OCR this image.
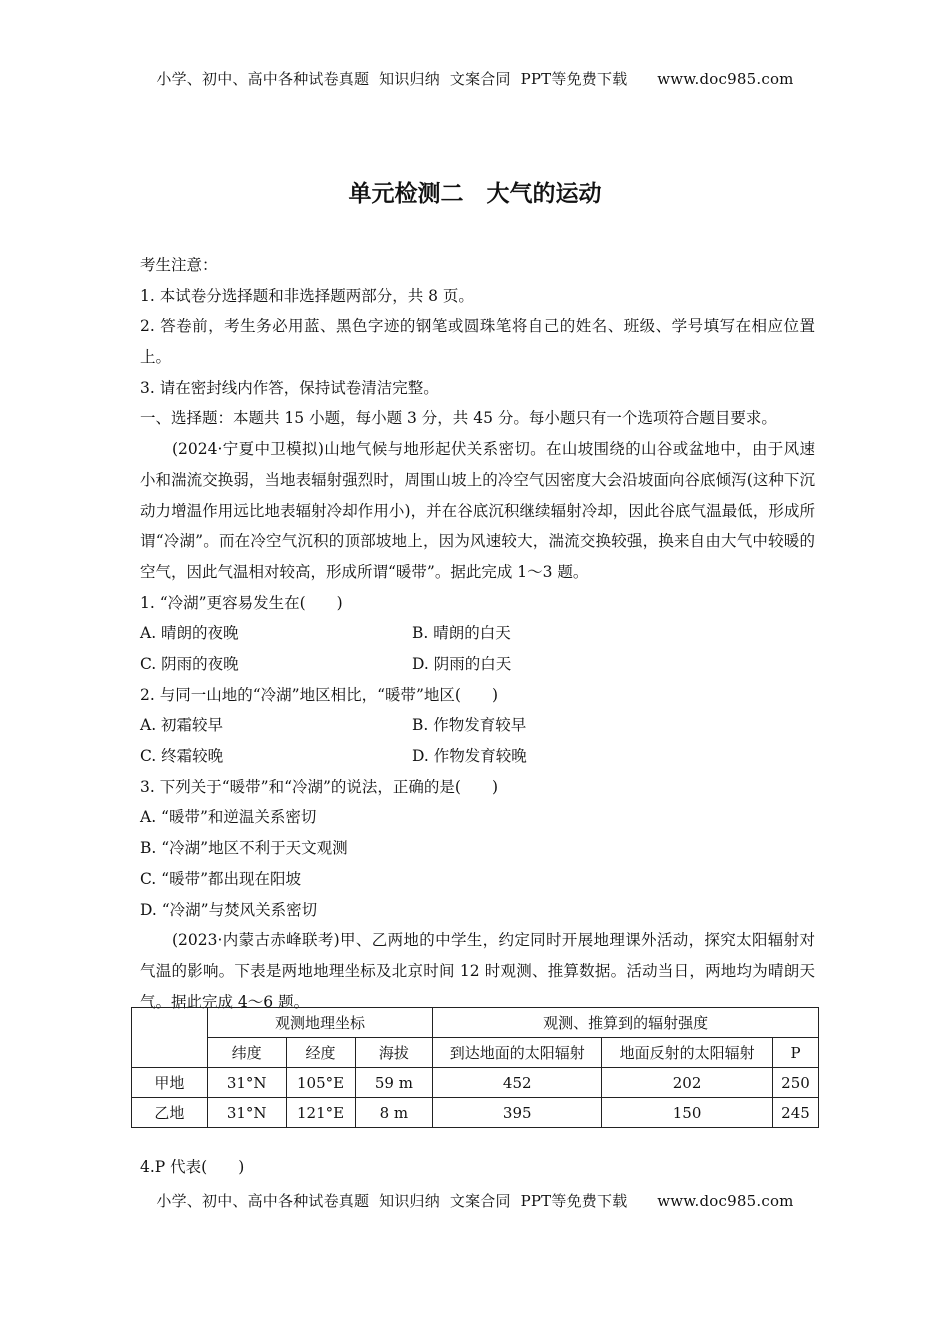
小学、初中、高中各种试卷真题  知识归纳  文案合同  PPT等免费下载      www.doc985.com
单元检测二　大气的运动
考生注意：
1. 本试卷分选择题和非选择题两部分，共 8 页。
2. 答卷前，考生务必用蓝、黑色字迹的钢笔或圆珠笔将自己的姓名、班级、学号填写在相应位置上。
3. 请在密封线内作答，保持试卷清洁完整。
一、选择题：本题共 15 小题，每小题 3 分，共 45 分。每小题只有一个选项符合题目要求。
(2024·宁夏中卫模拟)山地气候与地形起伏关系密切。在山坡围绕的山谷或盆地中，由于风速小和湍流交换弱，当地表辐射强烈时，周围山坡上的冷空气因密度大会沿坡面向谷底倾泻(这种下沉动力增温作用远比地表辐射冷却作用小)，并在谷底沉积继续辐射冷却，因此谷底气温最低，形成所谓“冷湖”。而在冷空气沉积的顶部坡地上，因为风速较大，湍流交换较强，换来自由大气中较暖的空气，因此气温相对较高，形成所谓“暖带”。据此完成 1～3 题。
1. “冷湖”更容易发生在(　　)
A. 晴朗的夜晚	B. 晴朗的白天
C. 阴雨的夜晚	D. 阴雨的白天
2. 与同一山地的“冷湖”地区相比，“暖带”地区(　　)
A. 初霜较早	B. 作物发育较早
C. 终霜较晚	D. 作物发育较晚
3. 下列关于“暖带”和“冷湖”的说法，正确的是(　　)
A. “暖带”和逆温关系密切
B. “冷湖”地区不利于天文观测
C. “暖带”都出现在阳坡
D. “冷湖”与焚风关系密切
(2023·内蒙古赤峰联考)甲、乙两地的中学生，约定同时开展地理课外活动，探究太阳辐射对气温的影响。下表是两地地理坐标及北京时间 12 时观测、推算数据。活动当日，两地均为晴朗天气。据此完成 4～6 题。
	观测地理坐标			观测、推算到的辐射强度		
	纬度	经度	海拔	到达地面的太阳辐射	地面反射的太阳辐射	P
甲地	31°N	105°E	59 m	452	202	250
乙地	31°N	121°E	8 m	395	150	245
4.P 代表(　　)
小学、初中、高中各种试卷真题  知识归纳  文案合同  PPT等免费下载      www.doc985.com
